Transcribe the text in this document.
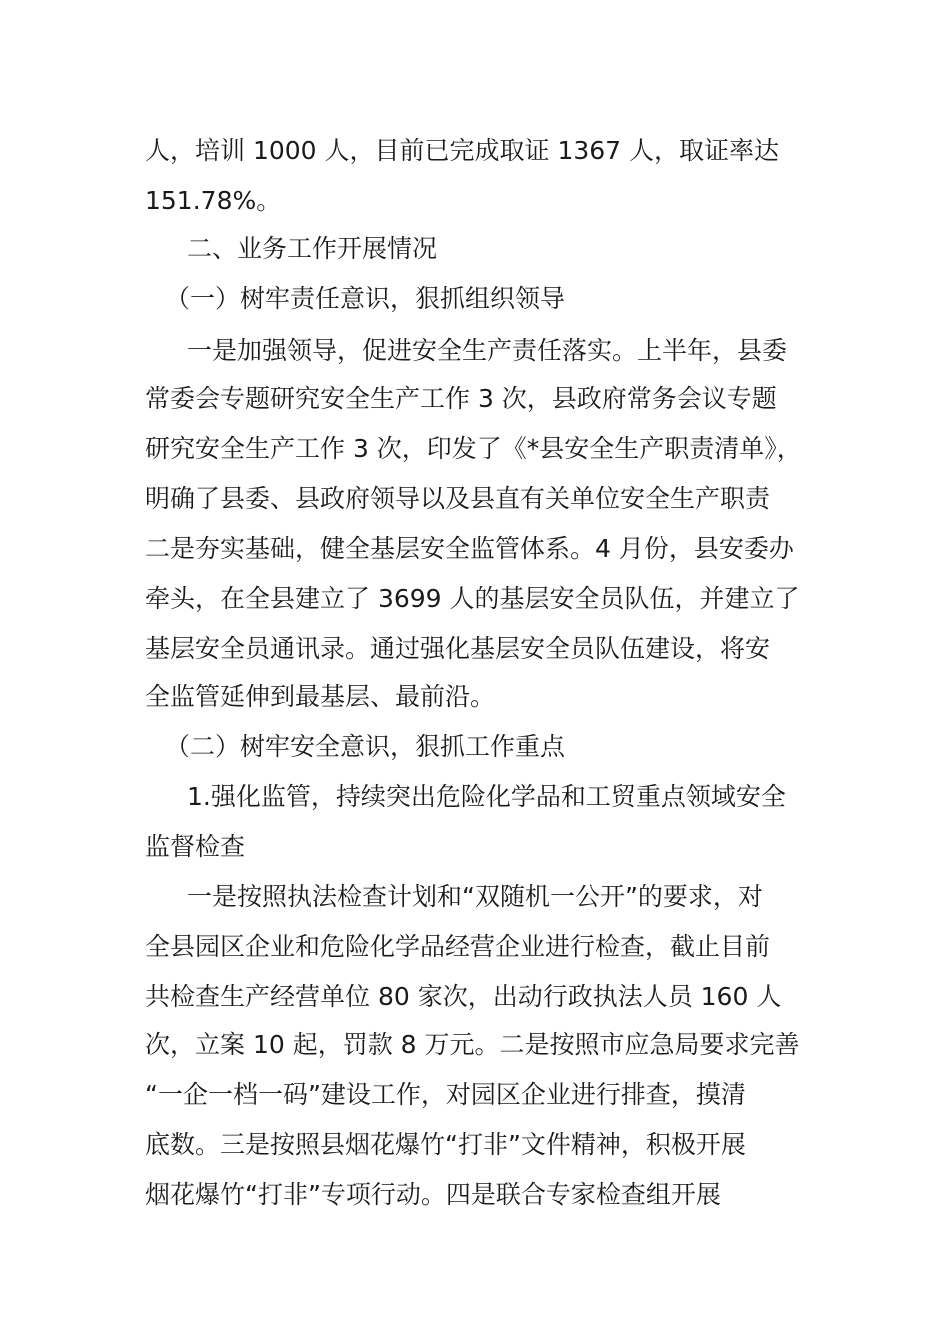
人，培训 1000 人，目前已完成取证 1367 人，取证率达
151.78%。
二、业务工作开展情况
（一）树牢责任意识，狠抓组织领导
一是加强领导，促进安全生产责任落实。上半年，县委
常委会专题研究安全生产工作 3 次，县政府常务会议专题
研究安全生产工作 3 次，印发了《*县安全生产职责清单》，
明确了县委、县政府领导以及县直有关单位安全生产职责
二是夯实基础，健全基层安全监管体系。4 月份，县安委办
牵头，在全县建立了 3699 人的基层安全员队伍，并建立了
基层安全员通讯录。通过强化基层安全员队伍建设，将安
全监管延伸到最基层、最前沿。
（二）树牢安全意识，狠抓工作重点
1.强化监管，持续突出危险化学品和工贸重点领域安全
监督检查
一是按照执法检查计划和“双随机一公开”的要求，对
全县园区企业和危险化学品经营企业进行检查，截止目前
共检查生产经营单位 80 家次，出动行政执法人员 160 人
次，立案 10 起，罚款 8 万元。二是按照市应急局要求完善
“一企一档一码”建设工作，对园区企业进行排查，摸清
底数。三是按照县烟花爆竹“打非”文件精神，积极开展
烟花爆竹“打非”专项行动。四是联合专家检查组开展
